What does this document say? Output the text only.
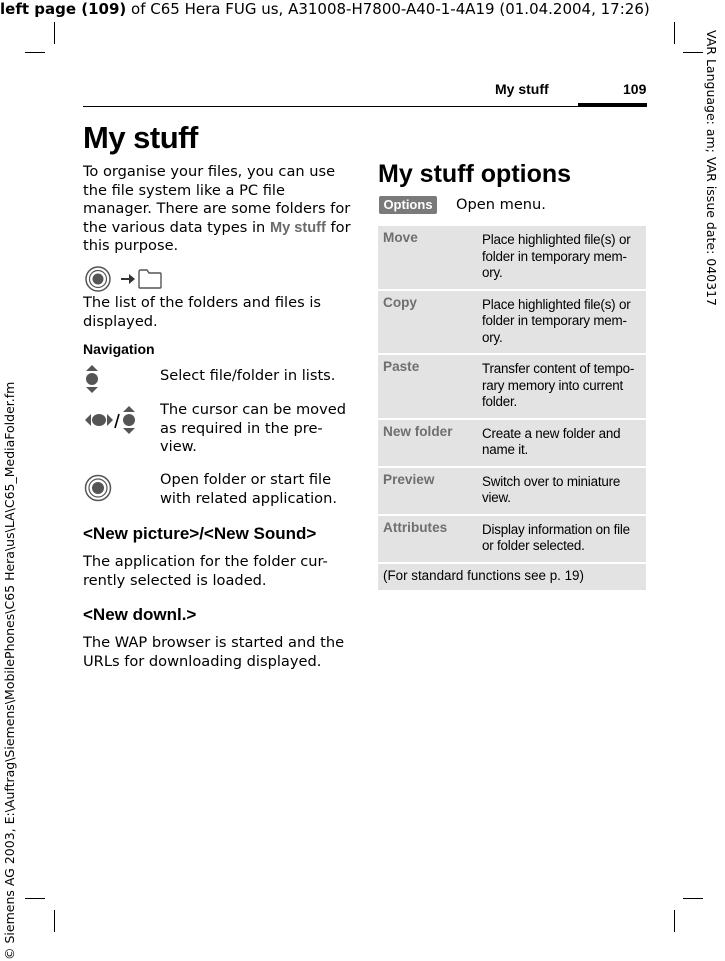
left page (109) of C65 Hera FUG us, A31008-H7800-A40-1-4A19 (01.04.2004, 17:26)
VAR Language: am; VAR issue date: 040317
© Siemens AG 2003, E:\Auftrag\Siemens\MobilePhones\C65 Hera\us\LA\C65_MediaFolder.fm
My stuff	109
My stuff
To organise your files, you can use the file system like a PC file manager. There are some folders for the various data types in My stuff for this purpose.
The list of the folders and files is displayed.
Navigation
Select file/folder in lists.
The cursor can be moved as required in the pre-view.
Open folder or start file with related application.
<New picture>/<New Sound>
The application for the folder cur-rently selected is loaded.
<New downl.>
The WAP browser is started and the URLs for downloading displayed.
My stuff options
Options	Open menu.
Move	Place highlighted file(s) or folder in temporary mem-ory.
Copy	Place highlighted file(s) or folder in temporary mem-ory.
Paste	Transfer content of tempo-rary memory into current folder.
New folder	Create a new folder and name it.
Preview	Switch over to miniature view.
Attributes	Display information on file or folder selected.
(For standard functions see p. 19)	
